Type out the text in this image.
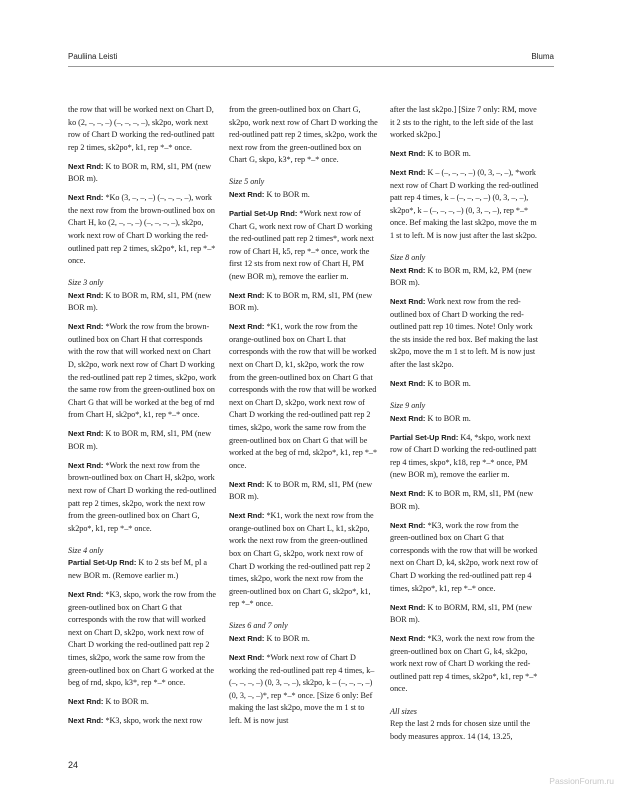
Pauliina Leisti	Bluma

the row that will be worked next on Chart D, ko (2, –, –, –) (–, –, –, –), sk2po, work next row of Chart D working the red-outlined patt rep 2 times, sk2po*, k1, rep *–* once.

Next Rnd: K to BOR m, RM, sl1, PM (new BOR m).

Next Rnd: *Ko (3, –, –, –) (–, –, –, –), work the next row from the brown-outlined box on Chart H, ko (2, –, –, –) (–, –, –, –), sk2po, work next row of Chart D working the red-outlined patt rep 2 times, sk2po*, k1, rep *–* once.

Size 3 only

Next Rnd: K to BOR m, RM, sl1, PM (new BOR m).

Next Rnd: *Work the row from the brown-outlined box on Chart H that corresponds with the row that will worked next on Chart D, sk2po, work next row of Chart D working the red-outlined patt rep 2 times, sk2po, work the same row from the green-outlined box on Chart G that will be worked at the beg of rnd from Chart H, sk2po*, k1, rep *–* once.

Next Rnd: K to BOR m, RM, sl1, PM (new BOR m).

Next Rnd: *Work the next row from the brown-outlined box on Chart H, sk2po, work next row of Chart D working the red-outlined patt rep 2 times, sk2po, work the next row from the green-outlined box on Chart G, sk2po*, k1, rep *–* once.

Size 4 only

Partial Set-Up Rnd: K to 2 sts bef M, pl a new BOR m. (Remove earlier m.)

Next Rnd: *K3, skpo, work the row from the green-outlined box on Chart G that corresponds with the row that will worked next on Chart D, sk2po, work next row of Chart D working the red-outlined patt rep 2 times, sk2po, work the same row from the green-outlined box on Chart G worked at the beg of rnd, skpo, k3*, rep *–* once.

Next Rnd: K to BOR m.

Next Rnd: *K3, skpo, work the next row

from the green-outlined box on Chart G, sk2po, work next row of Chart D working the red-outlined patt rep 2 times, sk2po, work the next row from the green-outlined box on Chart G, skpo, k3*, rep *–* once.

Size 5 only

Next Rnd: K to BOR m.

Partial Set-Up Rnd: *Work next row of Chart G, work next row of Chart D working the red-outlined patt rep 2 times*, work next row of Chart H, k5, rep *–* once, work the first 12 sts from next row of Chart H, PM (new BOR m), remove the earlier m.

Next Rnd: K to BOR m, RM, sl1, PM (new BOR m).

Next Rnd: *K1, work the row from the orange-outlined box on Chart L that corresponds with the row that will be worked next on Chart D, k1, sk2po, work the row from the green-outlined box on Chart G that corresponds with the row that will be worked next on Chart D, sk2po, work next row of Chart D working the red-outlined patt rep 2 times, sk2po, work the same row from the green-outlined box on Chart G that will be worked at the beg of rnd, sk2po*, k1, rep *–* once.

Next Rnd: K to BOR m, RM, sl1, PM (new BOR m).

Next Rnd: *K1, work the next row from the orange-outlined box on Chart L, k1, sk2po, work the next row from the green-outlined box on Chart G, sk2po, work next row of Chart D working the red-outlined patt rep 2 times, sk2po, work the next row from the green-outlined box on Chart G, sk2po*, k1, rep *–* once.

Sizes 6 and 7 only

Next Rnd: K to BOR m.

Next Rnd: *Work next row of Chart D working the red-outlined patt rep 4 times, k– (–, –, –, –) (0, 3, –, –), sk2po, k – (–, –, –, –) (0, 3, –, –)*, rep *–* once. [Size 6 only: Bef making the last sk2po, move the m 1 st to left. M is now just

after the last sk2po.] [Size 7 only: RM, move it 2 sts to the right, to the left side of the last worked sk2po.]

Next Rnd: K to BOR m.

Next Rnd: K – (–, –, –, –) (0, 3, –, –), *work next row of Chart D working the red-outlined patt rep 4 times, k – (–, –, –, –) (0, 3, –, –), sk2po*, k – (–, –, –, –) (0, 3, –, –), rep *–* once. Bef making the last sk2po, move the m 1 st to left. M is now just after the last sk2po.

Size 8 only

Next Rnd: K to BOR m, RM, k2, PM (new BOR m).

Next Rnd: Work next row from the red-outlined box of Chart D working the red-outlined patt rep 10 times. Note! Only work the sts inside the red box. Bef making the last sk2po, move the m 1 st to left. M is now just after the last sk2po.

Next Rnd: K to BOR m.

Size 9 only

Next Rnd: K to BOR m.

Partial Set-Up Rnd: K4, *skpo, work next row of Chart D working the red-outlined patt rep 4 times, skpo*, k18, rep *–* once, PM (new BOR m), remove the earlier m.

Next Rnd: K to BOR m, RM, sl1, PM (new BOR m).

Next Rnd: *K3, work the row from the green-outlined box on Chart G that corresponds with the row that will be worked next on Chart D, k4, sk2po, work next row of Chart D working the red-outlined patt rep 4 times, sk2po*, k1, rep *–* once.

Next Rnd: K to BORM, RM, sl1, PM (new BOR m).

Next Rnd: *K3, work the next row from the green-outlined box on Chart G, k4, sk2po, work next row of Chart D working the red-outlined patt rep 4 times, sk2po*, k1, rep *–* once.

All sizes

Rep the last 2 rnds for chosen size until the body measures approx. 14 (14, 13.25,

24
PassionForum.ru
